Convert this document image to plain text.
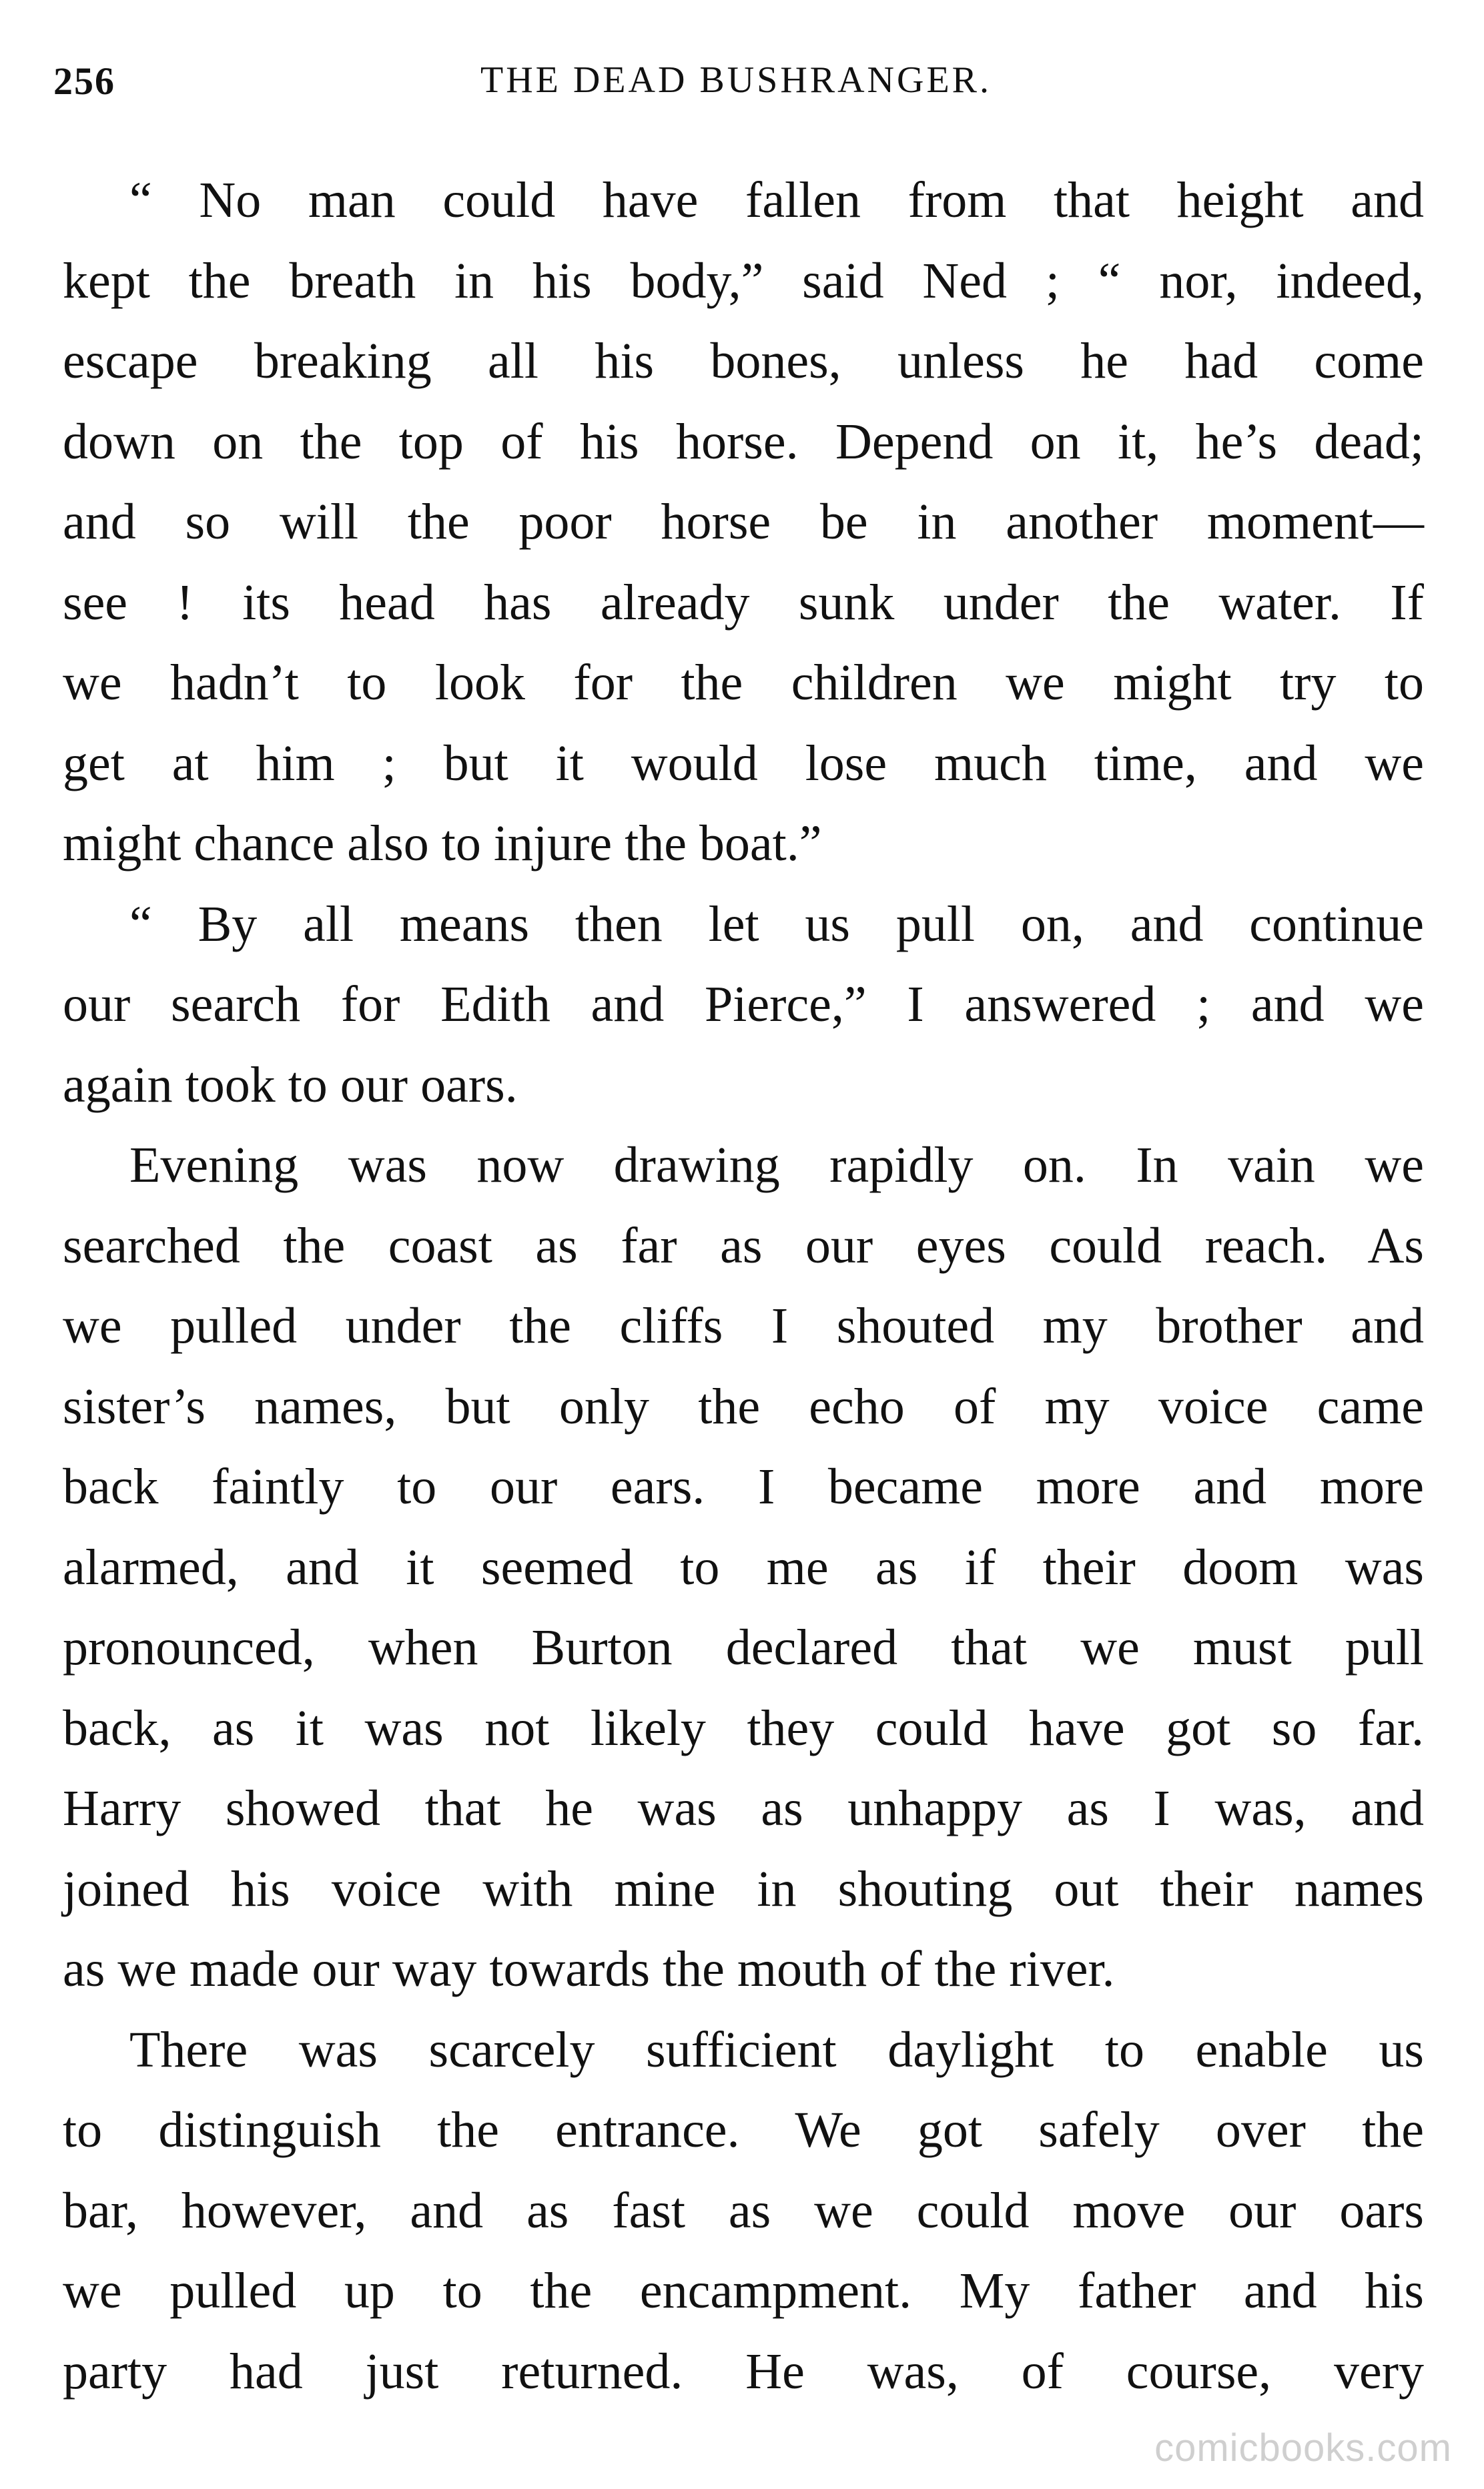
256	THE DEAD BUSHRANGER.

“ No man could have fallen from that height and
kept the breath in his body,” said Ned ; “ nor, indeed,
escape breaking all his bones, unless he had come
down on the top of his horse. Depend on it, he’s dead;
and so will the poor horse be in another moment—
see ! its head has already sunk under the water. If
we hadn’t to look for the children we might try to
get at him ; but it would lose much time, and we
might chance also to injure the boat.”

“ By all means then let us pull on, and continue
our search for Edith and Pierce,” I answered ; and we
again took to our oars.

Evening was now drawing rapidly on. In vain we
searched the coast as far as our eyes could reach. As
we pulled under the cliffs I shouted my brother and
sister’s names, but only the echo of my voice came
back faintly to our ears. I became more and more
alarmed, and it seemed to me as if their doom was
pronounced, when Burton declared that we must pull
back, as it was not likely they could have got so far.
Harry showed that he was as unhappy as I was, and
joined his voice with mine in shouting out their names
as we made our way towards the mouth of the river.

There was scarcely sufficient daylight to enable us
to distinguish the entrance. We got safely over the
bar, however, and as fast as we could move our oars
we pulled up to the encampment. My father and his
party had just returned. He was, of course, very

comicbooks.com
